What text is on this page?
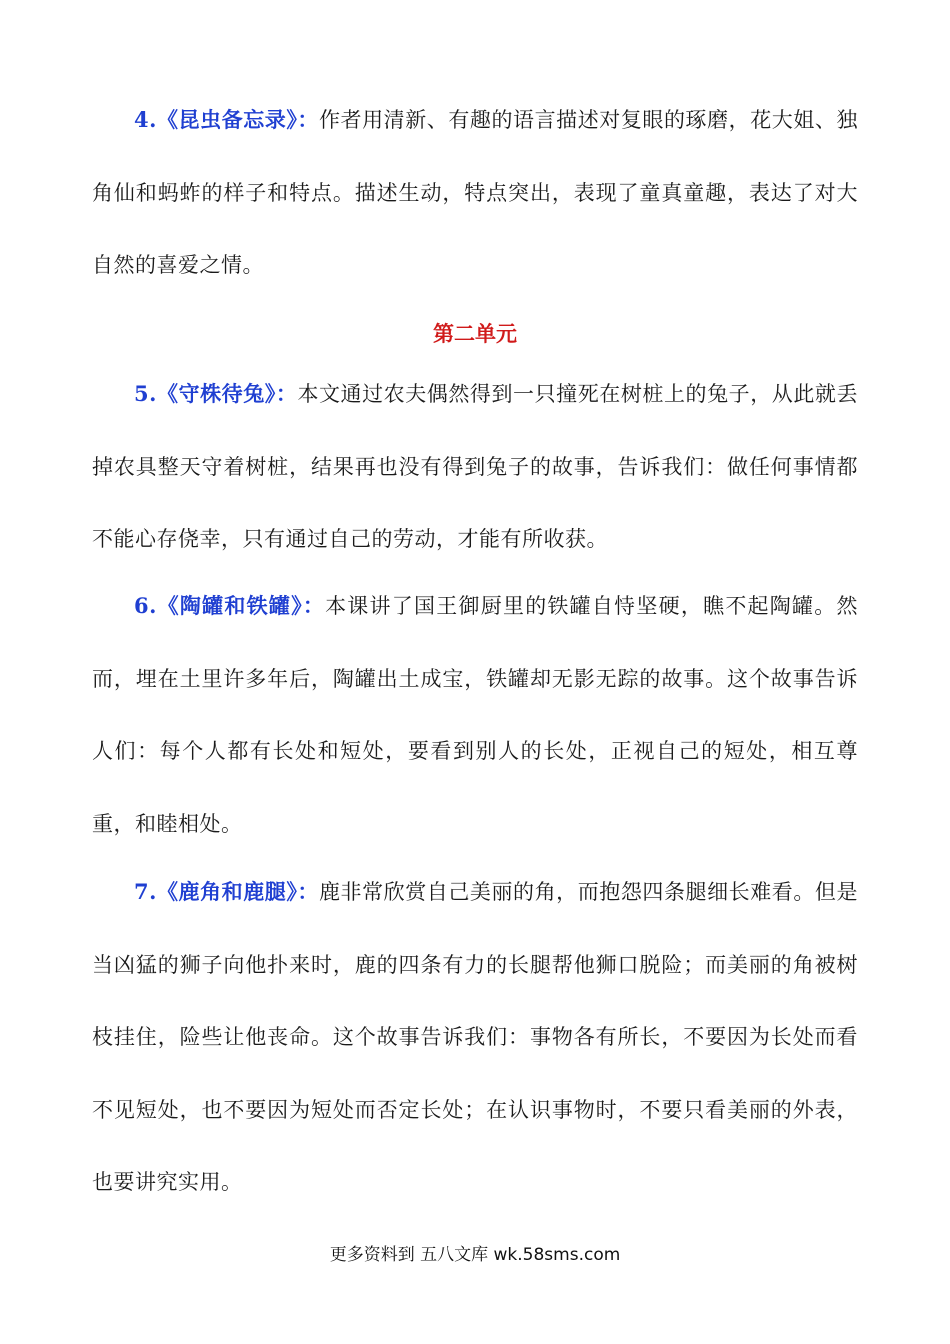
4.《昆虫备忘录》：作者用清新、有趣的语言描述对复眼的琢磨，花大姐、独角仙和蚂蚱的样子和特点。描述生动，特点突出，表现了童真童趣，表达了对大自然的喜爱之情。

第二单元

5.《守株待兔》：本文通过农夫偶然得到一只撞死在树桩上的兔子，从此就丢掉农具整天守着树桩，结果再也没有得到兔子的故事，告诉我们：做任何事情都不能心存侥幸，只有通过自己的劳动，才能有所收获。

6.《陶罐和铁罐》：本课讲了国王御厨里的铁罐自恃坚硬，瞧不起陶罐。然而，埋在土里许多年后，陶罐出土成宝，铁罐却无影无踪的故事。这个故事告诉人们：每个人都有长处和短处，要看到别人的长处，正视自己的短处，相互尊重，和睦相处。

7.《鹿角和鹿腿》：鹿非常欣赏自己美丽的角，而抱怨四条腿细长难看。但是当凶猛的狮子向他扑来时，鹿的四条有力的长腿帮他狮口脱险；而美丽的角被树枝挂住，险些让他丧命。这个故事告诉我们：事物各有所长，不要因为长处而看不见短处，也不要因为短处而否定长处；在认识事物时，不要只看美丽的外表，也要讲究实用。

更多资料到 五八文库 wk.58sms.com
